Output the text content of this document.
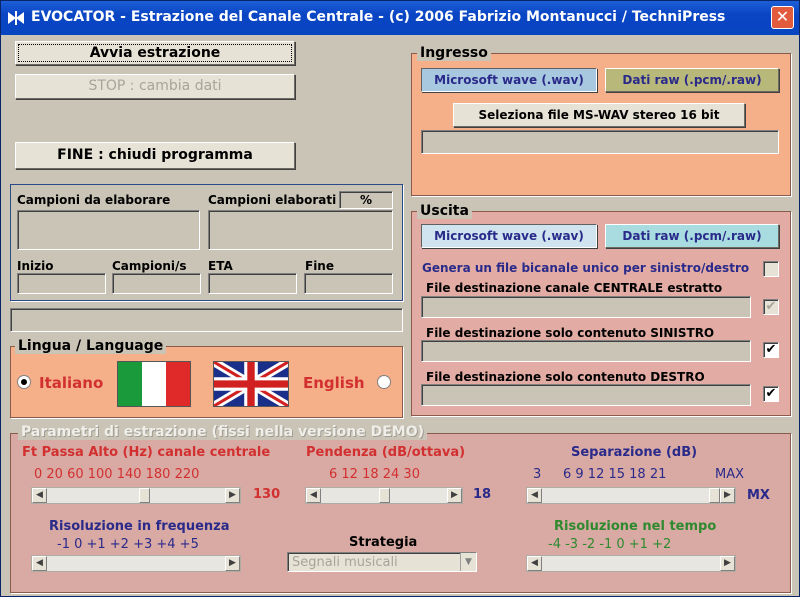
EVOCATOR - Estrazione del Canale Centrale - (c) 2006 Fabrizio Montanucci / TechniPress	✕
Avvia estrazione
STOP : cambia dati
FINE : chiudi programma
Campioni da elaborare	Campioni elaborati	%
Inizio	Campioni/s ETA	Fine
Lingua / Language
Italiano	English
Ingresso
Microsoft wave (.wav)	Dati raw (.pcm/.raw)
Seleziona file MS-WAV stereo 16 bit
Uscita
Microsoft wave (.wav)	Dati raw (.pcm/.raw)
Genera un file bicanale unico per sinistro/destro
File destinazione canale CENTRALE estratto
✔
File destinazione solo contenuto SINISTRO
✔
File destinazione solo contenuto DESTRO
✔
Parametri di estrazione (fissi nella versione DEMO)
Ft Passa Alto (Hz) canale centrale
0 20 60 100 140 180 220
◀	▶	130
Pendenza (dB/ottava)
6 12 18 24 30
◀	▶	18
Separazione (dB)
3 6 9 12 15 18 21	MAX
◀	▶	MX
Risoluzione in frequenza
-1 0 +1 +2 +3 +4 +5
◀	▶
Strategia
Segnali musicali	▼
Risoluzione nel tempo
-4 -3 -2 -1 0 +1 +2
◀	▶
